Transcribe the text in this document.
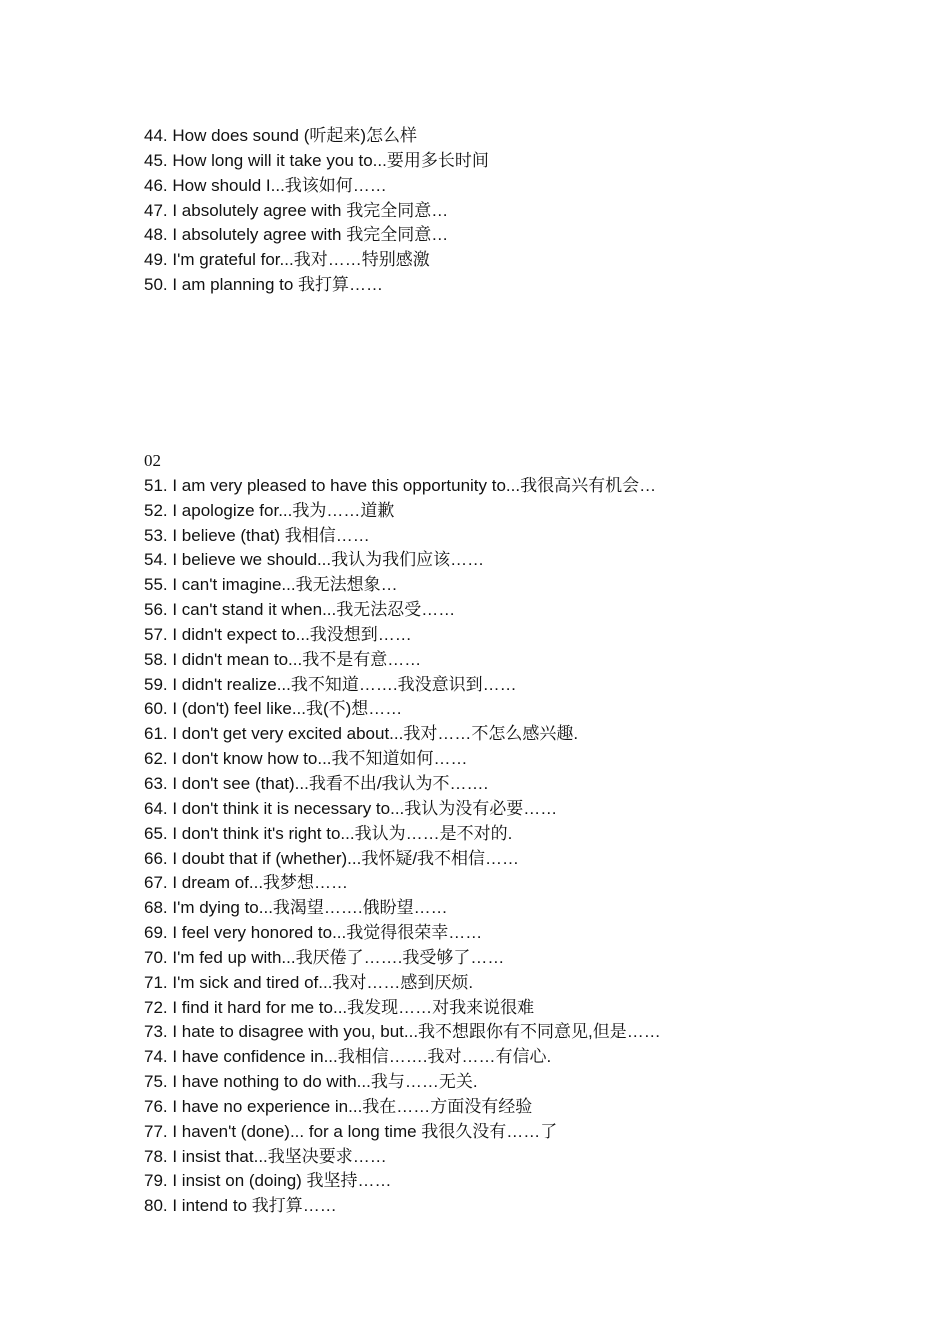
44. How does sound (听起来)怎么样
45. How long will it take you to...要用多长时间
46. How should I...我该如何……
47. I absolutely agree with 我完全同意…
48. I absolutely agree with 我完全同意…
49. I'm grateful for...我对……特别感激
50. I am planning to 我打算……
02
51. I am very pleased to have this opportunity to...我很高兴有机会…
52. I apologize for...我为……道歉
53. I believe (that) 我相信……
54. I believe we should...我认为我们应该……
55. I can't imagine...我无法想象…
56. I can't stand it when...我无法忍受……
57. I didn't expect to...我没想到……
58. I didn't mean to...我不是有意……
59. I didn't realize...我不知道…….我没意识到……
60. I (don't) feel like...我(不)想……
61. I don't get very excited about...我对……不怎么感兴趣.
62. I don't know how to...我不知道如何……
63. I don't see (that)...我看不出/我认为不…….
64. I don't think it is necessary to...我认为没有必要……
65. I don't think it's right to...我认为……是不对的.
66. I doubt that if (whether)...我怀疑/我不相信……
67. I dream of...我梦想……
68. I'm dying to...我渴望…….俄盼望……
69. I feel very honored to...我觉得很荣幸……
70. I'm fed up with...我厌倦了…….我受够了……
71. I'm sick and tired of...我对……感到厌烦.
72. I find it hard for me to...我发现……对我来说很难
73. I hate to disagree with you, but...我不想跟你有不同意见,但是……
74. I have confidence in...我相信…….我对……有信心.
75. I have nothing to do with...我与……无关.
76. I have no experience in...我在……方面没有经验
77. I haven't (done)... for a long time 我很久没有……了
78. I insist that...我坚决要求……
79. I insist on (doing) 我坚持……
80. I intend to 我打算……
